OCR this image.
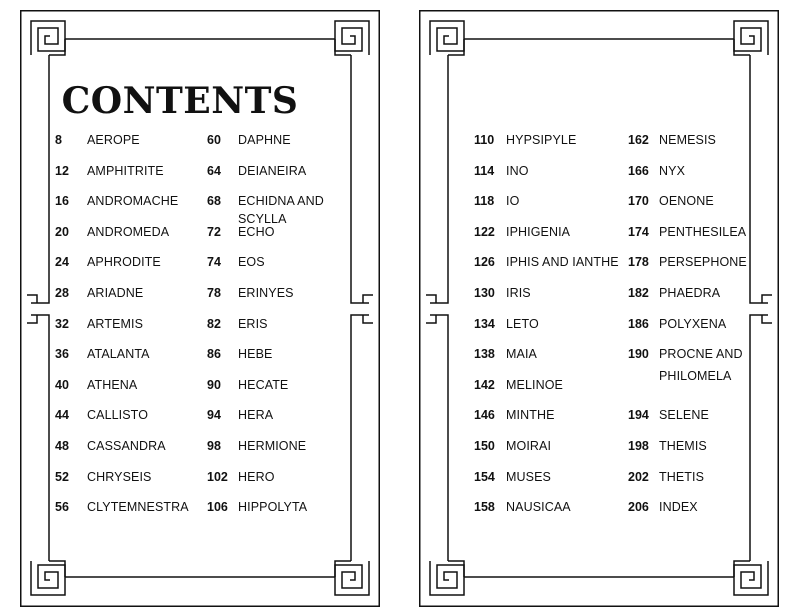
CONTENTS
8 AEROPE
12 AMPHITRITE
16 ANDROMACHE
20 ANDROMEDA
24 APHRODITE
28 ARIADNE
32 ARTEMIS
36 ATALANTA
40 ATHENA
44 CALLISTO
48 CASSANDRA
52 CHRYSEIS
56 CLYTEMNESTRA
60 DAPHNE
64 DEIANEIRA
68 ECHIDNA AND SCYLLA
72 ECHO
74 EOS
78 ERINYES
82 ERIS
86 HEBE
90 HECATE
94 HERA
98 HERMIONE
102 HERO
106 HIPPOLYTA
110 HYPSIPYLE
114 INO
118 IO
122 IPHIGENIA
126 IPHIS AND IANTHE
130 IRIS
134 LETO
138 MAIA
142 MELINOE
146 MINTHE
150 MOIRAI
154 MUSES
158 NAUSICAA
162 NEMESIS
166 NYX
170 OENONE
174 PENTHESILEA
178 PERSEPHONE
182 PHAEDRA
186 POLYXENA
190 PROCNE AND PHILOMELA
194 SELENE
198 THEMIS
202 THETIS
206 INDEX
